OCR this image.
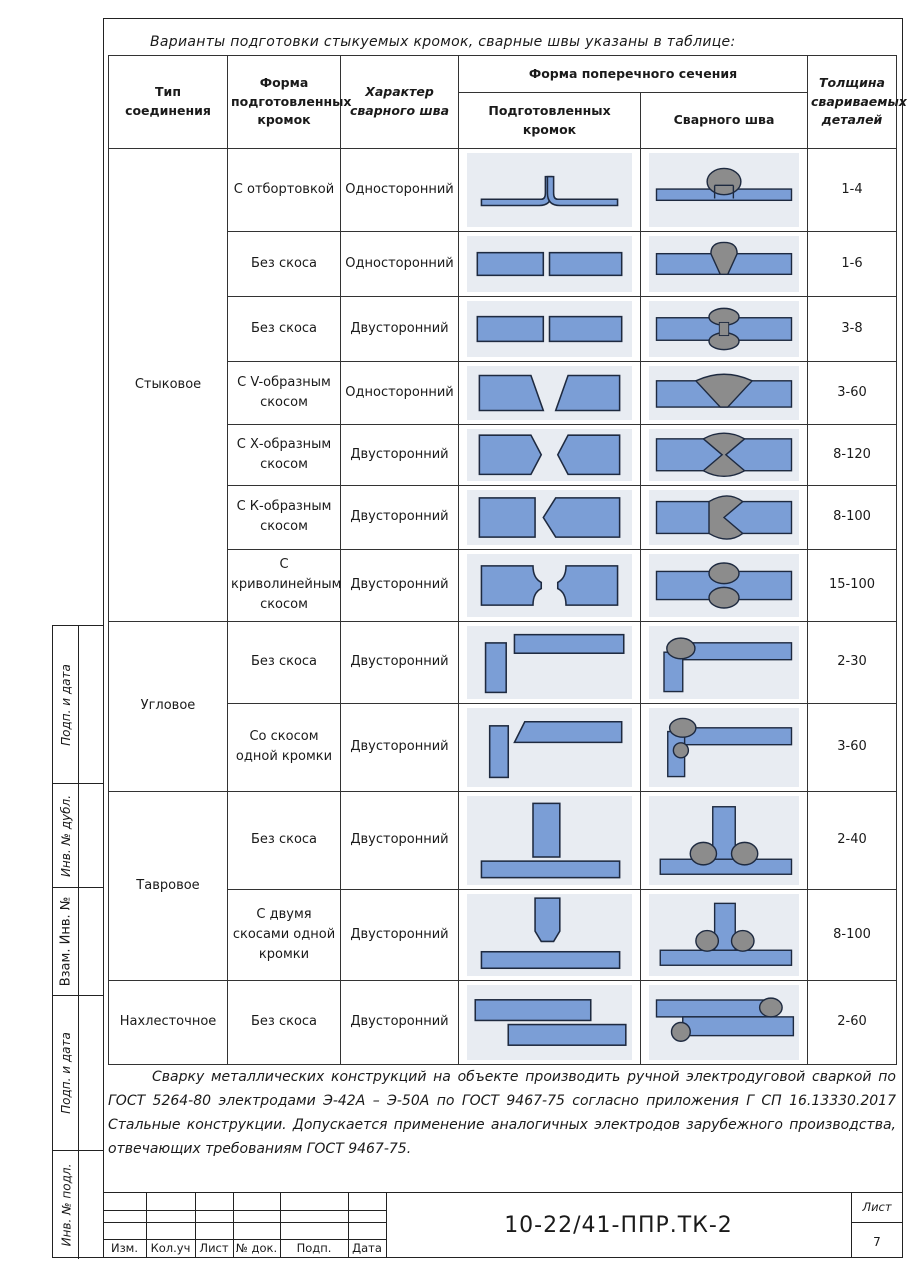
Подп. и дата
Инв. № дубл.
Взам. Инв. №
Подп. и дата
Инв. № подл.
Варианты подготовки стыкуемых кромок, сварные швы указаны в таблице:
Тип соединения	Форма подготовленных кромок	Характер сварного шва	Форма поперечного сечения		Толщина свариваемых деталей
			Подготовленных кромок	Сварного шва	
Стыковое	С отбортовкой	Односторонний			1-4
	Без скоса	Односторонний			1-6
	Без скоса	Двусторонний			3-8
	С V-образным скосом	Односторонний			3-60
	С Х-образным скосом	Двусторонний			8-120
	С К-образным скосом	Двусторонний			8-100
	С криволинейным скосом	Двусторонний			15-100
Угловое	Без скоса	Двусторонний			2-30
	Со скосом одной кромки	Двусторонний			3-60
Тавровое	Без скоса	Двусторонний			2-40
	С двумя скосами одной кромки	Двусторонний			8-100
Нахлесточное	Без скоса	Двусторонний			2-60
Сварку металлических конструкций на объекте производить ручной электродуговой сваркой по ГОСТ 5264-80 электродами Э-42А – Э-50А по ГОСТ 9467-75 согласно приложения Г СП 16.13330.2017 Стальные конструкции. Допускается применение аналогичных электродов зарубежного производства, отвечающих требованиям ГОСТ 9467-75.
Изм.	Кол.уч Лист № док.	Подп.	Дата
10-22/41-ППР.ТК-2
Лист
7
